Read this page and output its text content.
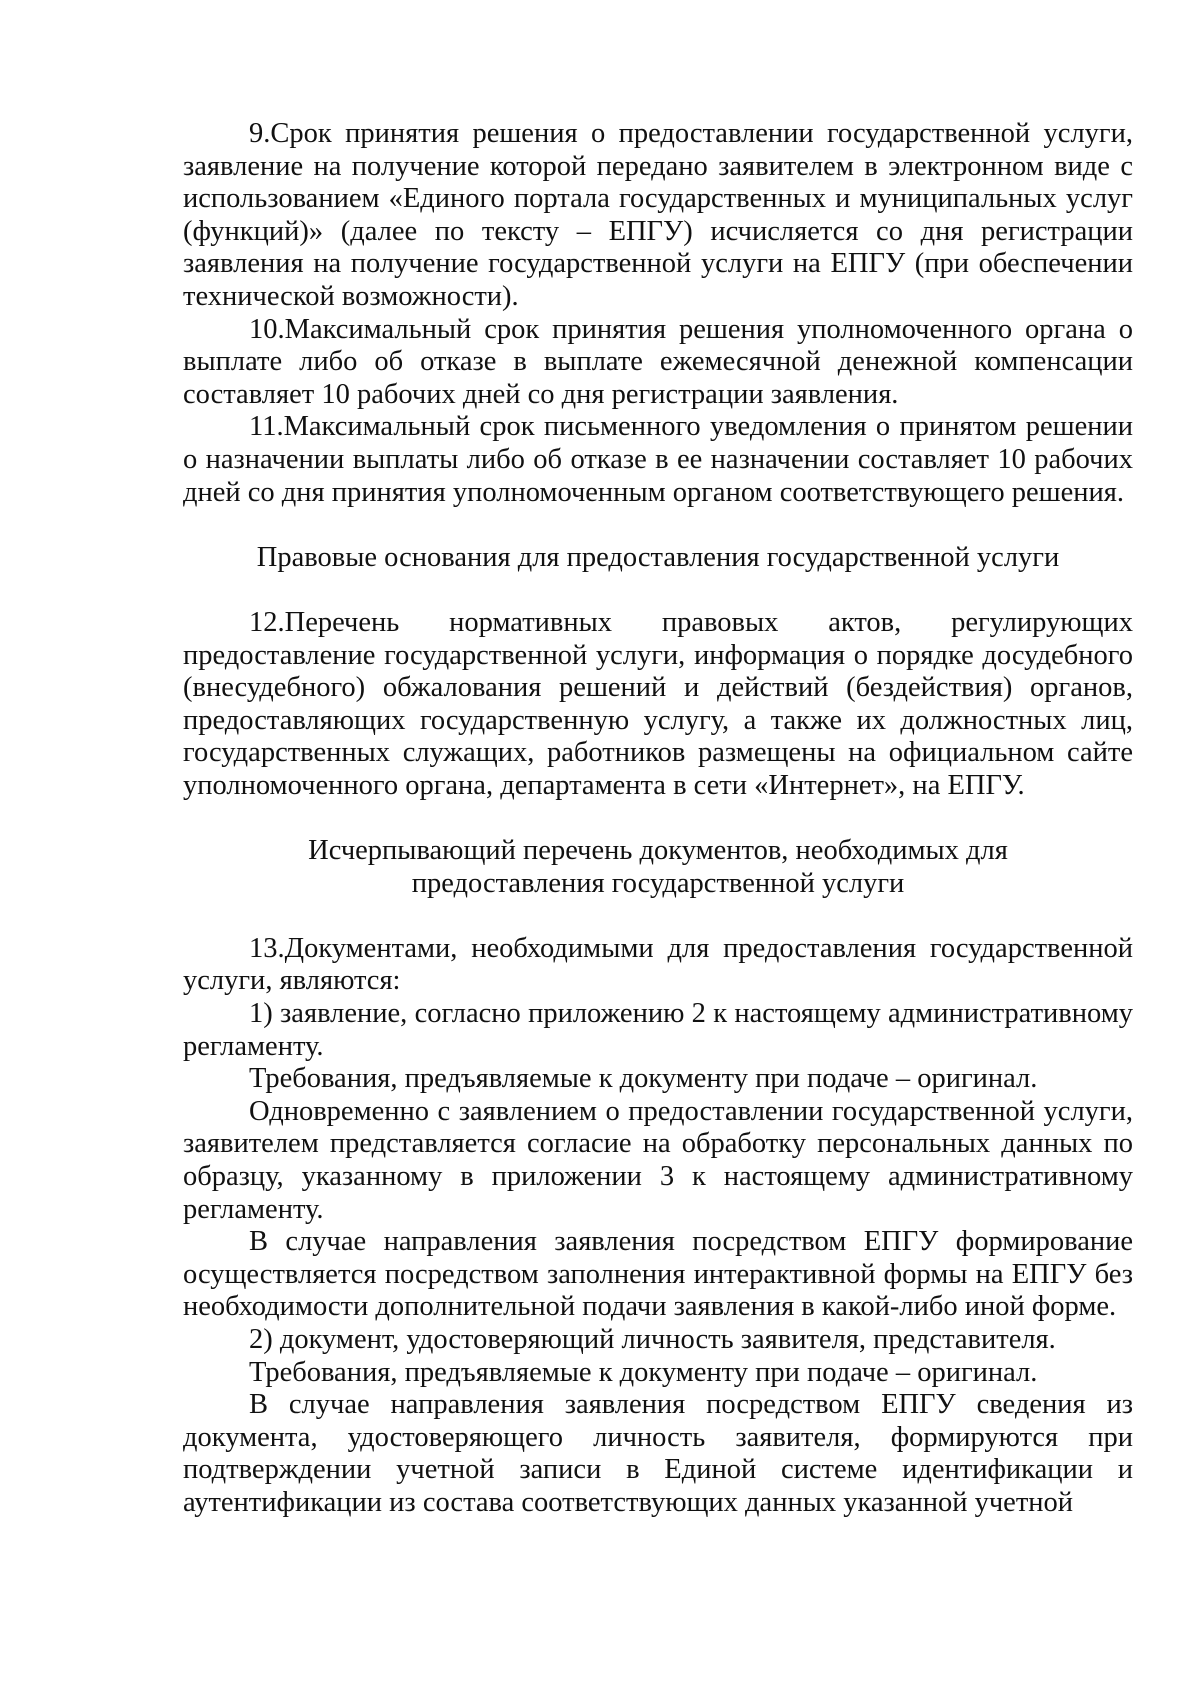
9.Срок принятия решения о предоставлении государственной услуги, заявление на получение которой передано заявителем в электронном виде с использованием «Единого портала государственных и муниципальных услуг (функций)» (далее по тексту – ЕПГУ) исчисляется со дня регистрации заявления на получение государственной услуги на ЕПГУ (при обеспечении технической возможности).

10.Максимальный срок принятия решения уполномоченного органа о выплате либо об отказе в выплате ежемесячной денежной компенсации составляет 10 рабочих дней со дня регистрации заявления.

11.Максимальный срок письменного уведомления о принятом решении о назначении выплаты либо об отказе в ее назначении составляет 10 рабочих дней со дня принятия уполномоченным органом соответствующего решения.

Правовые основания для предоставления государственной услуги

12.Перечень нормативных правовых актов, регулирующих предоставление государственной услуги, информация о порядке досудебного (внесудебного) обжалования решений и действий (бездействия) органов, предоставляющих государственную услугу, а также их должностных лиц, государственных служащих, работников размещены на официальном сайте уполномоченного органа, департамента в сети «Интернет», на ЕПГУ.

Исчерпывающий перечень документов, необходимых для

предоставления государственной услуги

13.Документами, необходимыми для предоставления государственной услуги, являются:

1) заявление, согласно приложению 2 к настоящему административному регламенту.

Требования, предъявляемые к документу при подаче – оригинал.

Одновременно с заявлением о предоставлении государственной услуги, заявителем представляется согласие на обработку персональных данных по образцу, указанному в приложении 3 к настоящему административному регламенту.

В случае направления заявления посредством ЕПГУ формирование осуществляется посредством заполнения интерактивной формы на ЕПГУ без необходимости дополнительной подачи заявления в какой-либо иной форме.

2) документ, удостоверяющий личность заявителя, представителя.

Требования, предъявляемые к документу при подаче – оригинал.

В случае направления заявления посредством ЕПГУ сведения из документа, удостоверяющего личность заявителя, формируются при подтверждении учетной записи в Единой системе идентификации и аутентификации из состава соответствующих данных указанной учетной
